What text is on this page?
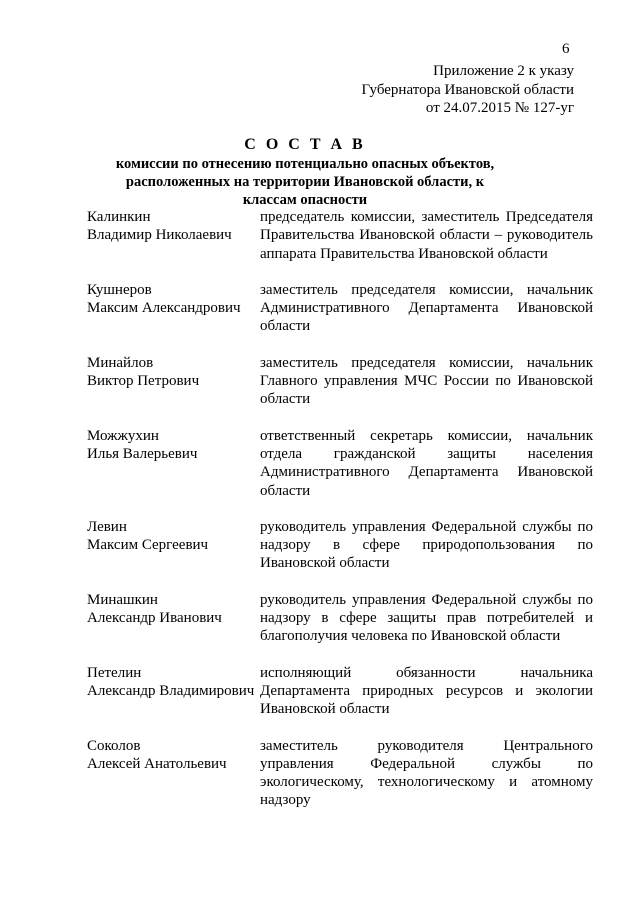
6
Приложение 2 к указу
Губернатора Ивановской области
от 24.07.2015 № 127-уг
С О С Т А В
комиссии по отнесению потенциально опасных объектов, расположенных на территории Ивановской области, к классам опасности
Калинкин
Владимир Николаевич
председатель комиссии, заместитель Председателя Правительства Ивановской области – руководитель аппарата Правительства Ивановской области
Кушнеров
Максим Александрович
заместитель председателя комиссии, начальник Административного Департамента Ивановской области
Минайлов
Виктор Петрович
заместитель председателя комиссии, начальник Главного управления МЧС России по Ивановской области
Можжухин
Илья Валерьевич
ответственный секретарь комиссии, начальник отдела гражданской защиты населения Административного Департамента Ивановской области
Левин
Максим Сергеевич
руководитель управления Федеральной службы по надзору в сфере природопользования по Ивановской области
Минашкин
Александр Иванович
руководитель управления Федеральной службы по надзору в сфере защиты прав потребителей и благополучия человека по Ивановской области
Петелин
Александр Владимирович
исполняющий обязанности начальника Департамента природных ресурсов и экологии Ивановской области
Соколов
Алексей Анатольевич
заместитель руководителя Центрального управления Федеральной службы по экологическому, технологическому и атомному надзору
